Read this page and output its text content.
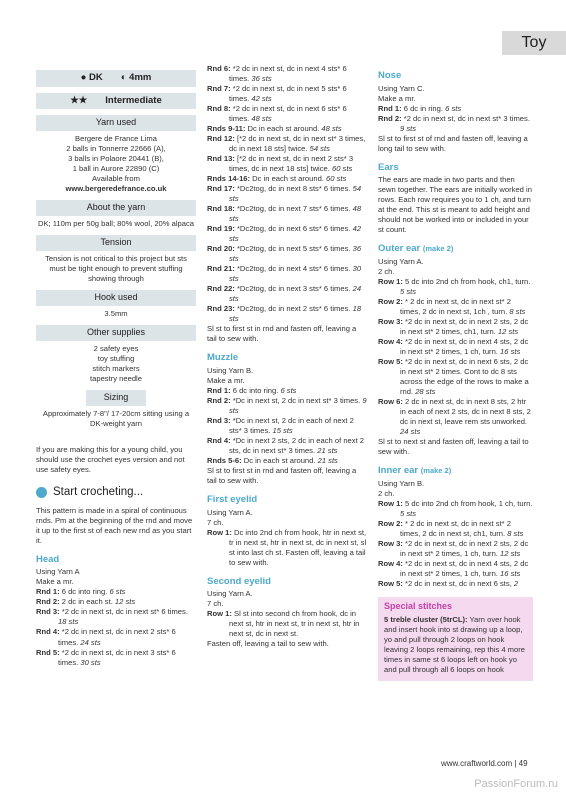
Toy
● DK ◐ 4mm
★★ Intermediate
Yarn used

Bergere de France Lima

2 balls in Tonnerre 22666 (A),

3 balls in Polaore 20441 (B),

1 ball in Aurore 22890 (C)

Available from

www.bergeredefrance.co.uk

About the yarn

DK; 110m per 50g ball; 80% wool, 20% alpaca

Tension

Tension is not critical to this project but sts must be tight enough to prevent stuffing showing through

Hook used

3.5mm

Other supplies

2 safety eyes

toy stuffing

stitch markers

tapestry needle

Sizing

Approximately 7-8"/ 17-20cm sitting using a DK-weight yarn

If you are making this for a young child, you should use the crochet eyes version and not use safety eyes.

Start crocheting...

This pattern is made in a spiral of continuous rnds. Pm at the beginning of the rnd and move it up to the first st of each new rnd as you start it.

Head

Using Yarn A

Make a mr.

Rnd 1: 6 dc into ring. 6 sts

Rnd 2: 2 dc in each st. 12 sts

Rnd 3: *2 dc in next st, dc in next st* 6 times. 18 sts

Rnd 4: *2 dc in next st, dc in next 2 sts* 6 times. 24 sts

Rnd 5: *2 dc in next st, dc in next 3 sts* 6 times. 30 sts

Rnd 6: *2 dc in next st, dc in next 4 sts* 6 times. 36 sts

Rnd 7: *2 dc in next st, dc in next 5 sts* 6 times. 42 sts

Rnd 8: *2 dc in next st, dc in next 6 sts* 6 times. 48 sts

Rnds 9-11: Dc in each st around. 48 sts

Rnd 12: [*2 dc in next st, dc in next st* 3 times, dc in next 18 sts] twice. 54 sts

Rnd 13: [*2 dc in next st, dc in next 2 sts* 3 times, dc in next 18 sts] twice. 60 sts

Rnds 14-16: Dc in each st around. 60 sts

Rnd 17: *Dc2tog, dc in next 8 sts* 6 times. 54 sts

Rnd 18: *Dc2tog, dc in next 7 sts* 6 times. 48 sts

Rnd 19: *Dc2tog, dc in next 6 sts* 6 times. 42 sts

Rnd 20: *Dc2tog, dc in next 5 sts* 6 times. 36 sts

Rnd 21: *Dc2tog, dc in next 4 sts* 6 times. 30 sts

Rnd 22: *Dc2tog, dc in next 3 sts* 6 times. 24 sts

Rnd 23: *Dc2tog, dc in next 2 sts* 6 times. 18 sts

Sl st to first st in rnd and fasten off, leaving a tail to sew with.

Muzzle

Using Yarn B.

Make a mr.

Rnd 1: 6 dc into ring. 6 sts

Rnd 2: *Dc in next st, 2 dc in next st* 3 times. 9 sts

Rnd 3: *Dc in next st, 2 dc in each of next 2 sts* 3 times. 15 sts

Rnd 4: *Dc in next 2 sts, 2 dc in each of next 2 sts, dc in next st* 3 times. 21 sts

Rnds 5-6: Dc in each st around. 21 sts

Sl st to first st in rnd and fasten off, leaving a tail to sew with.

First eyelid

Using Yarn A.

7 ch.

Row 1: Dc into 2nd ch from hook, htr in next st, tr in next st, htr in next st, dc in next st, sl st into last ch st. Fasten off, leaving a tail to sew with.

Second eyelid

Using Yarn A.

7 ch.

Row 1: Sl st into second ch from hook, dc in next st, htr in next st, tr in next st, htr in next st, dc in next st.

Fasten off, leaving a tail to sew with.

Nose

Using Yarn C.

Make a mr.

Rnd 1: 6 dc in ring. 6 sts

Rnd 2: *2 dc in next st, dc in next st* 3 times. 9 sts

Sl st to first st of rnd and fasten off, leaving a long tail to sew with.

Ears

The ears are made in two parts and then sewn together. The ears are initially worked in rows. Each row requires you to 1 ch, and turn at the end. This st is meant to add height and should not be worked into or included in your st count.

Outer ear (make 2)

Using Yarn A.

2 ch.

Row 1: 5 dc into 2nd ch from hook, ch1, turn. 5 sts

Row 2: * 2 dc in next st, dc in next st* 2 times, 2 dc in next st, 1ch , turn. 8 sts

Row 3: *2 dc in next st, dc in next 2 sts, 2 dc in next st* 2 times, ch1, turn. 12 sts

Row 4: *2 dc in next st, dc in next 4 sts, 2 dc in next st* 2 times, 1 ch, turn. 16 sts

Row 5: *2 dc in next st, dc in next 6 sts, 2 dc in next st* 2 times. Cont to dc 8 sts across the edge of the rows to make a rnd. 28 sts

Row 6: 2 dc in next st, dc in next 8 sts, 2 htr in each of next 2 sts, dc in next 8 sts, 2 dc in next st, leave rem sts unworked. 24 sts

Sl st to next st and fasten off, leaving a tail to sew with.

Inner ear (make 2)

Using Yarn B.

2 ch.

Row 1: 5 dc into 2nd ch from hook, 1 ch, turn. 5 sts

Row 2: * 2 dc in next st, dc in next st* 2 times, 2 dc in next st, ch1, turn. 8 sts

Row 3: *2 dc in next st, dc in next 2 sts, 2 dc in next st* 2 times, 1 ch, turn. 12 sts

Row 4: *2 dc in next st, dc in next 4 sts, 2 dc in next st* 2 times, 1 ch, turn. 16 sts

Row 5: *2 dc in next st, dc in next 6 sts, 2

Special stitches

5 treble cluster (5trCL): Yarn over hook and insert hook into st drawing up a loop, yo and pull through 2 loops on hook leaving 2 loops remaining, rep this 4 more times in same st 6 loops left on hook yo and pull through all 6 loops on hook

www.craftworld.com | 49
PassionForum.ru
